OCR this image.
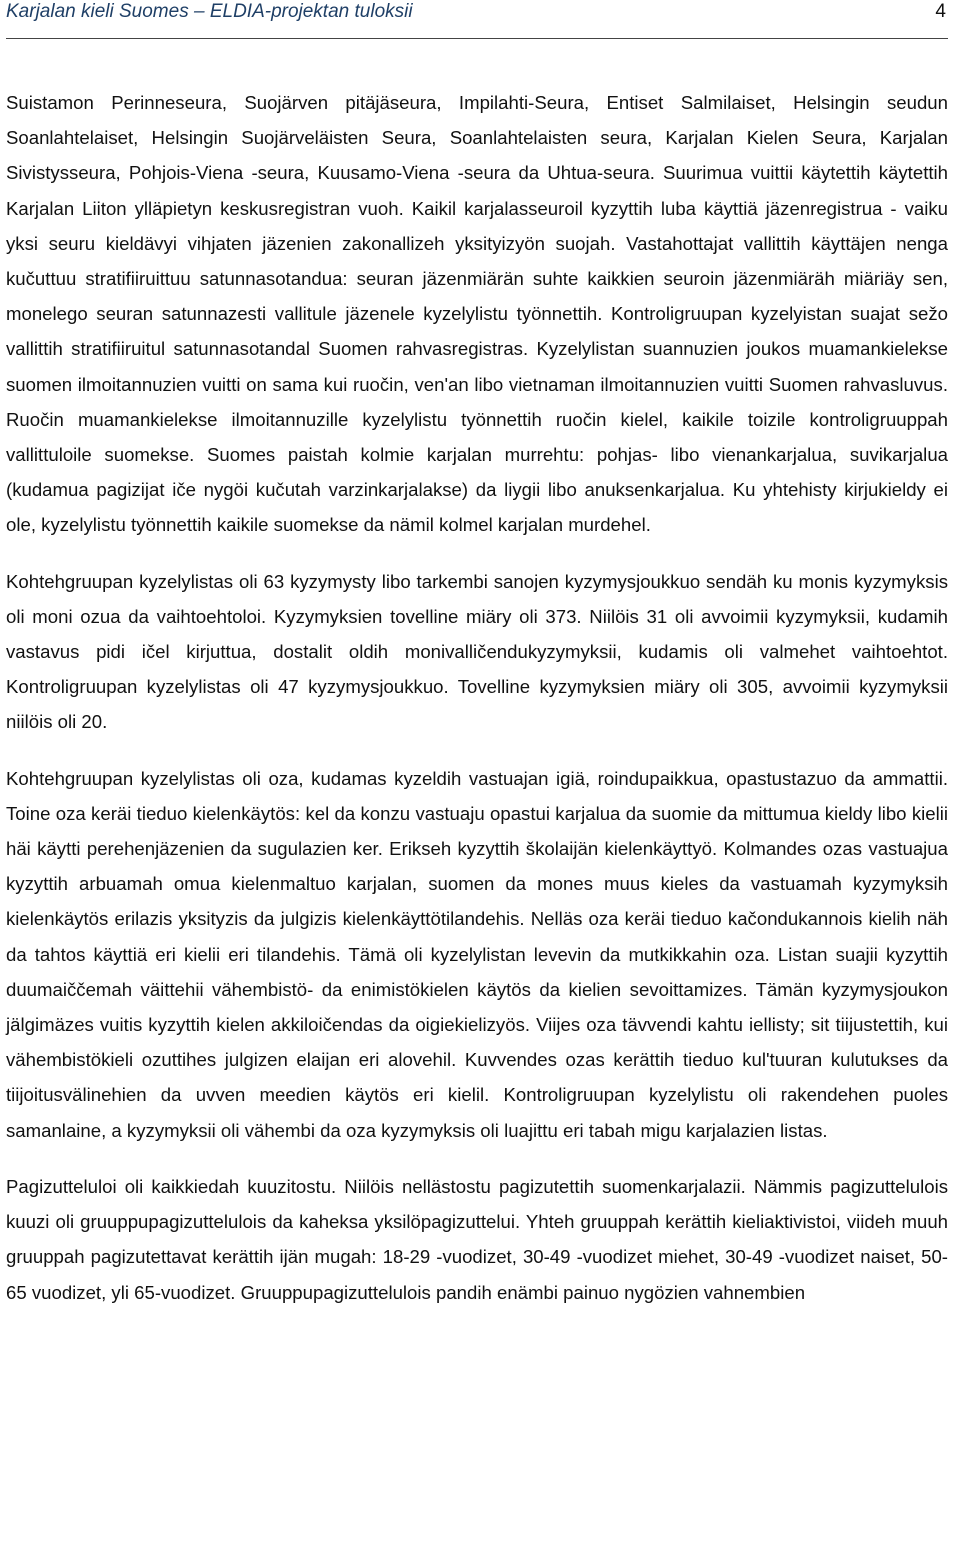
Karjalan kieli Suomes – ELDIA-projektan tuloksii	4

Suistamon Perinneseura, Suojärven pitäjäseura, Impilahti-Seura, Entiset Salmilaiset, Helsingin seudun Soanlahtelaiset, Helsingin Suojärveläisten Seura, Soanlahtelaisten seura, Karjalan Kielen Seura, Karjalan Sivistysseura, Pohjois-Viena -seura, Kuusamo-Viena -seura da Uhtua-seura. Suurimua vuittii käytettih käytettih Karjalan Liiton ylläpietyn keskusregistran vuoh. Kaikil karjalasseuroil kyzyttih luba käyttiä jäzenregistrua - vaiku yksi seuru kieldävyi vihjaten jäzenien zakonallizeh yksityizyön suojah. Vastahottajat vallittih käyttäjen nenga kučuttuu stratifiiruittuu satunnasotandua: seuran jäzenmiärän suhte kaikkien seuroin jäzenmiäräh miäriäy sen, monelego seuran satunnazesti vallitule jäzenele kyzelylistu työnnettih. Kontroligruupan kyzelyistan suajat sežo vallittih stratifiiruitul satunnasotandal Suomen rahvasregistras. Kyzelylistan suannuzien joukos muamankielekse suomen ilmoitannuzien vuitti on sama kui ruočin, ven'an libo vietnaman ilmoitannuzien vuitti Suomen rahvasluvus. Ruočin muamankielekse ilmoitannuzille kyzelylistu työnnettih ruočin kielel, kaikile toizile kontroligruuppah vallittuloile suomekse. Suomes paistah kolmie karjalan murrehtu: pohjas- libo vienankarjalua, suvikarjalua (kudamua pagizijat iče nygöi kučutah varzinkarjalakse) da liygii libo anuksenkarjalua. Ku yhtehisty kirjukieldy ei ole, kyzelylistu työnnettih kaikile suomekse da nämil kolmel karjalan murdehel.

Kohtehgruupan kyzelylistas oli 63 kyzymysty libo tarkembi sanojen kyzymysjoukkuo sendäh ku monis kyzymyksis oli moni ozua da vaihtoehtoloi. Kyzymyksien tovelline miäry oli 373. Niilöis 31 oli avvoimii kyzymyksii, kudamih vastavus pidi ičel kirjuttua, dostalit oldih monivalličendukyzymyksii, kudamis oli valmehet vaihtoehtot. Kontroligruupan kyzelylistas oli 47 kyzymysjoukkuo. Tovelline kyzymyksien miäry oli 305, avvoimii kyzymyksii niilöis oli 20.

Kohtehgruupan kyzelylistas oli oza, kudamas kyzeldih vastuajan igiä, roindupaikkua, opastustazuo da ammattii. Toine oza keräi tieduo kielenkäytös: kel da konzu vastuaju opastui karjalua da suomie da mittumua kieldy libo kielii häi käytti perehenjäzenien da sugulazien ker. Erikseh kyzyttih školaijän kielenkäyttyö. Kolmandes ozas vastuajua kyzyttih arbuamah omua kielenmaltuo karjalan, suomen da mones muus kieles da vastuamah kyzymyksih kielenkäytös erilazis yksityzis da julgizis kielenkäyttötilandehis. Nelläs oza keräi tieduo kačondukannois kielih näh da tahtos käyttiä eri kielii eri tilandehis. Tämä oli kyzelylistan levevin da mutkikkahin oza. Listan suajii kyzyttih duumaiččemah väittehii vähembistö- da enimistökielen käytös da kielien sevoittamizes. Tämän kyzymysjoukon jälgimäzes vuitis kyzyttih kielen akkiloičendas da oigiekielizyös. Viijes oza tävvendi kahtu iellisty; sit tiijustettih, kui vähembistökieli ozuttihes julgizen elaijan eri alovehil. Kuvvendes ozas kerättih tieduo kul'tuuran kulutukses da tiijoitusvälinehien da uvven meedien käytös eri kielil. Kontroligruupan kyzelylistu oli rakendehen puoles samanlaine, a kyzymyksii oli vähembi da oza kyzymyksis oli luajittu eri tabah migu karjalazien listas.

Pagizutteluloi oli kaikkiedah kuuzitostu. Niilöis nellästostu pagizutettih suomenkarjalazii. Nämmis pagizuttelulois kuuzi oli gruuppupagizuttelulois da kaheksa yksilöpagizuttelui. Yhteh gruuppah kerättih kieliaktivistoi, viideh muuh gruuppah pagizutettavat kerättih ijän mugah: 18-29 -vuodizet, 30-49 -vuodizet miehet, 30-49 -vuodizet naiset, 50-65 vuodizet, yli 65-vuodizet. Gruuppupagizuttelulois pandih enämbi painuo nygözien vahnembien
